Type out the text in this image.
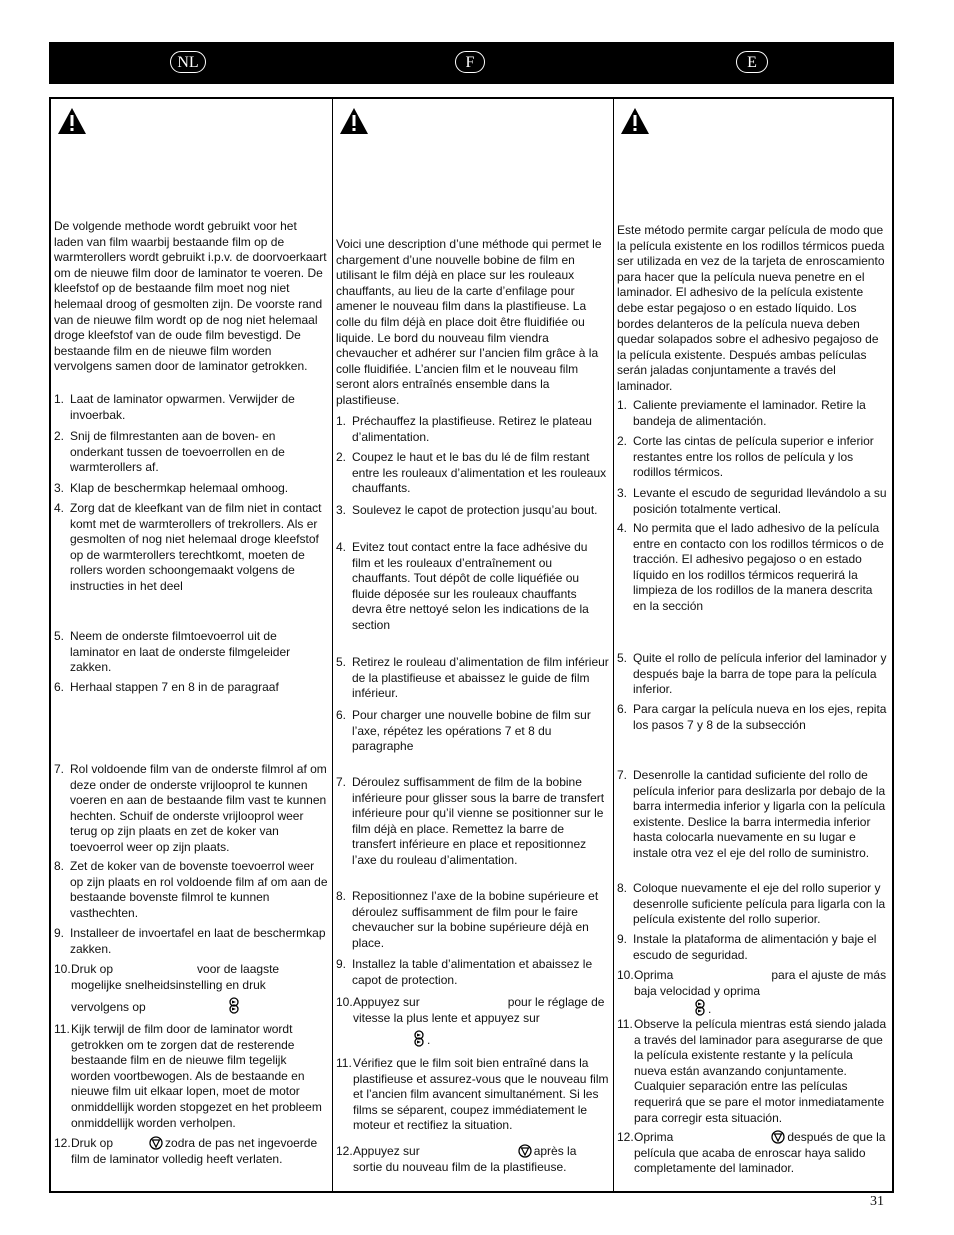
NL	F	E
De volgende methode wordt gebruikt voor het laden van film waarbij bestaande film op de warmterollers wordt gebruikt i.p.v. de doorvoerkaart om de nieuwe film door de laminator te voeren. De kleefstof op de bestaande film moet nog niet helemaal droog of gesmolten zijn. De voorste rand van de nieuwe film wordt op de nog niet helemaal droge kleefstof van de oude film bevestigd. De bestaande film en de nieuwe film worden vervolgens samen door de laminator getrokken.
1. Laat de laminator opwarmen. Verwijder de invoerbak.
2. Snij de filmrestanten aan de boven- en onderkant tussen de toevoerrollen en de warmterollers af.
3. Klap de beschermkap helemaal omhoog.
4. Zorg dat de kleefkant van de film niet in contact komt met de warmterollers of trekrollers. Als er gesmolten of nog niet helemaal droge kleefstof op de warmterollers terechtkomt, moeten de rollers worden schoongemaakt volgens de instructies in het deel
5. Neem de onderste filmtoevoerrol uit de laminator en laat de onderste filmgeleider zakken.
6. Herhaal stappen 7 en 8 in de paragraaf
7. Rol voldoende film van de onderste filmrol af om deze onder de onderste vrijlooprol te kunnen voeren en aan de bestaande film vast te kunnen hechten. Schuif de onderste vrijlooprol weer terug op zijn plaats en zet de koker van toevoerrol weer op zijn plaats.
8. Zet de koker van de bovenste toevoerrol weer op zijn plaats en rol voldoende film af om aan de bestaande bovenste filmrol te kunnen vasthechten.
9. Installeer de invoertafel en laat de beschermkap zakken.
10. Druk op	voor de laagste mogelijke snelheidsinstelling en druk
vervolgens op
11. Kijk terwijl de film door de laminator wordt getrokken om te zorgen dat de resterende bestaande film en de nieuwe film tegelijk worden voortbewogen. Als de bestaande en nieuwe film uit elkaar lopen, moet de motor onmiddellijk worden stopgezet en het probleem onmiddellijk worden verholpen.
12. Druk op	zodra de pas net ingevoerde film de laminator volledig heeft verlaten.
Voici une description d’une méthode qui permet le chargement d’une nouvelle bobine de film en utilisant le film déjà en place sur les rouleaux chauffants, au lieu de la carte d’enfilage pour amener le nouveau film dans la plastifieuse. La colle du film déjà en place doit être fluidifiée ou liquide. Le bord du nouveau film viendra chevaucher et adhérer sur l’ancien film grâce à la colle fluidifiée. L’ancien film et le nouveau film seront alors entraînés ensemble dans la plastifieuse.
1. Préchauffez la plastifieuse. Retirez le plateau d’alimentation.
2. Coupez le haut et le bas du lé de film restant entre les rouleaux d’alimentation et les rouleaux chauffants.
3. Soulevez le capot de protection jusqu’au bout.
4. Evitez tout contact entre la face adhésive du film et les rouleaux d’entraînement ou chauffants. Tout dépôt de colle liquéfiée ou fluide déposée sur les rouleaux chauffants devra être nettoyé selon les indications de la section
5. Retirez le rouleau d’alimentation de film inférieur de la plastifieuse et abaissez le guide de film inférieur.
6. Pour charger une nouvelle bobine de film sur l’axe, répétez les opérations 7 et 8 du paragraphe
7. Déroulez suffisamment de film de la bobine inférieure pour glisser sous la barre de transfert inférieure pour qu’il vienne se positionner sur le film déjà en place. Remettez la barre de transfert inférieure en place et repositionnez l’axe du rouleau d’alimentation.
8. Repositionnez l’axe de la bobine supérieure et déroulez suffisamment de film pour le faire chevaucher sur la bobine supérieure déjà en place.
9. Installez la table d’alimentation et abaissez le capot de protection.
10. Appuyez sur	pour le réglage de vitesse la plus lente et appuyez sur
.
11. Vérifiez que le film soit bien entraîné dans la plastifieuse et assurez-vous que le nouveau film et l’ancien film avancent simultanément. Si les films se séparent, coupez immédiatement le moteur et rectifiez la situation.
12. Appuyez sur	après la sortie du nouveau film de la plastifieuse.
Este método permite cargar película de modo que la película existente en los rodillos térmicos pueda ser utilizada en vez de la tarjeta de enroscamiento para hacer que la película nueva penetre en el laminador. El adhesivo de la película existente debe estar pegajoso o en estado líquido. Los bordes delanteros de la película nueva deben quedar solapados sobre el adhesivo pegajoso de la película existente. Después ambas películas serán jaladas conjuntamente a través del laminador.
1. Caliente previamente el laminador. Retire la bandeja de alimentación.
2. Corte las cintas de película superior e inferior restantes entre los rollos de película y los rodillos térmicos.
3. Levante el escudo de seguridad llevándolo a su posición totalmente vertical.
4. No permita que el lado adhesivo de la película entre en contacto con los rodillos térmicos o de tracción. El adhesivo pegajoso o en estado líquido en los rodillos térmicos requerirá la limpieza de los rodillos de la manera descrita en la sección
5. Quite el rollo de película inferior del laminador y después baje la barra de tope para la película inferior.
6. Para cargar la película nueva en los ejes, repita los pasos 7 y 8 de la subsección
7. Desenrolle la cantidad suficiente del rollo de película inferior para deslizarla por debajo de la barra intermedia inferior y ligarla con la película existente. Deslice la barra intermedia inferior hasta colocarla nuevamente en su lugar e instale otra vez el eje del rollo de suministro.
8. Coloque nuevamente el eje del rollo superior y desenrolle suficiente película para ligarla con la película existente del rollo superior.
9. Instale la plataforma de alimentación y baje el escudo de seguridad.
10. Oprima	para el ajuste de más baja velocidad y oprima
.
11. Observe la película mientras está siendo jalada a través del laminador para asegurarse de que la película existente restante y la película nueva están avanzando conjuntamente. Cualquier separación entre las películas requerirá que se pare el motor inmediatamente para corregir esta situación.
12. Oprima	después de que la película que acaba de enroscar haya salido completamente del laminador.
31
